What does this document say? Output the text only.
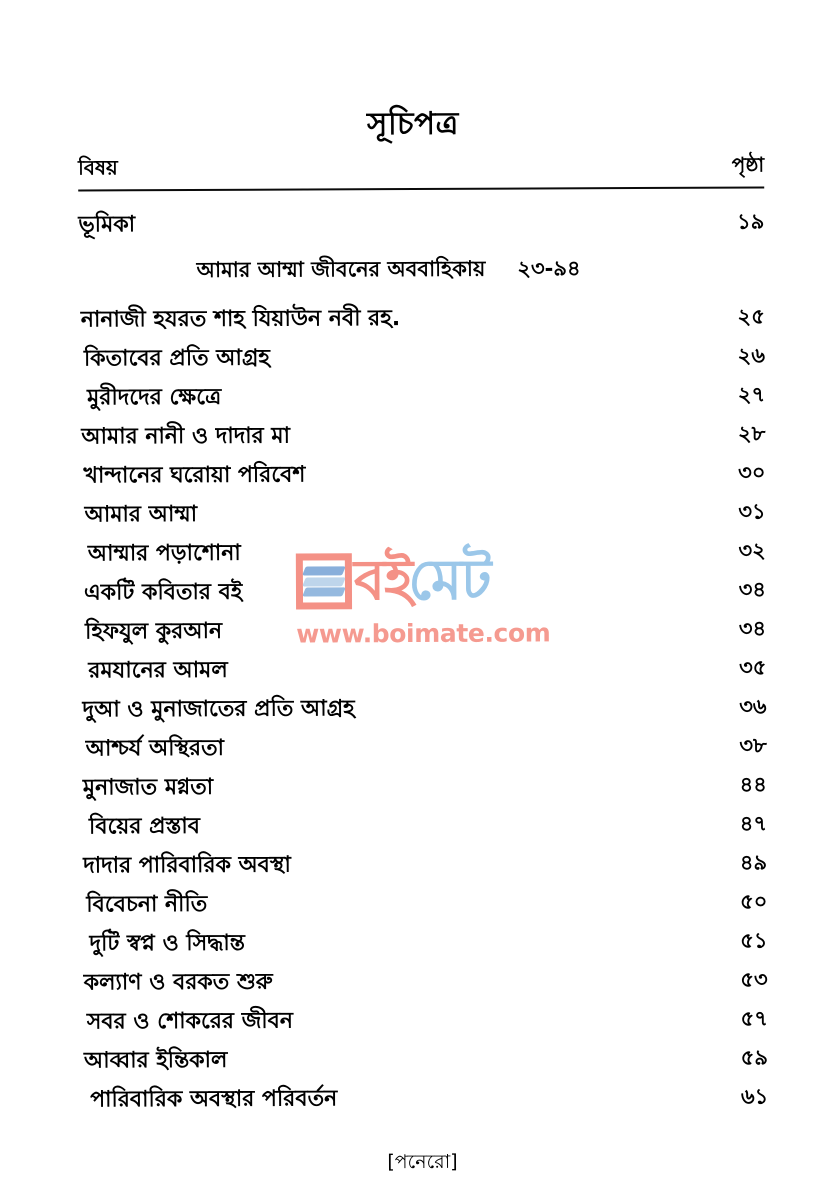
সূচিপত্র
বিষয়	পৃষ্ঠা
ভূমিকা	১৯
আমার আম্মা জীবনের অববাহিকায় ২৩-৯৪
নানাজী হযরত শাহ যিয়াউন নবী রহ.	২৫
কিতাবের প্রতি আগ্রহ	২৬
মুরীদদের ক্ষেত্রে	২৭
আমার নানী ও দাদার মা	২৮
খান্দানের ঘরোয়া পরিবেশ	৩০
আমার আম্মা	৩১
আম্মার পড়াশোনা	৩২
একটি কবিতার বই	৩৪
হিফযুল কুরআন	৩৪
রমযানের আমল	৩৫
দুআ ও মুনাজাতের প্রতি আগ্রহ	৩৬
আশ্চর্য অস্থিরতা	৩৮
মুনাজাত মগ্নতা	৪৪
বিয়ের প্রস্তাব	৪৭
দাদার পারিবারিক অবস্থা	৪৯
বিবেচনা নীতি	৫০
দুটি স্বপ্ন ও সিদ্ধান্ত	৫১
কল্যাণ ও বরকত শুরু	৫৩
সবর ও শোকরের জীবন	৫৭
আব্বার ইন্তিকাল	৫৯
পারিবারিক অবস্থার পরিবর্তন	৬১
[পনেরো]
বইমেট
www.boimate.com
